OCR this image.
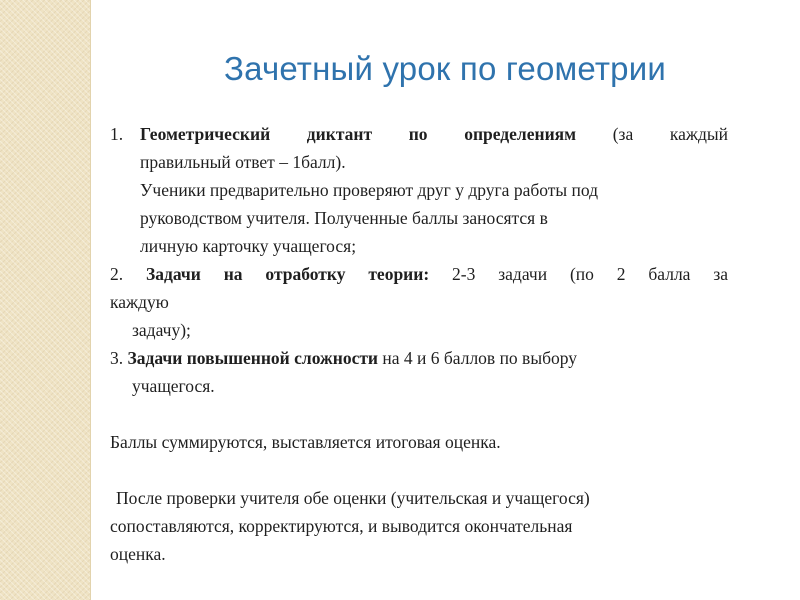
Зачетный урок по геометрии
1. Геометрический диктант по определениям (за каждый
правильный ответ – 1балл).
Ученики предварительно проверяют друг у друга работы под
руководством учителя. Полученные баллы заносятся в
личную карточку учащегося;
2. Задачи на отработку теории: 2-3 задачи (по 2 балла за
каждую
задачу);
3. Задачи повышенной сложности на 4 и 6 баллов по выбору
учащегося.
Баллы суммируются, выставляется итоговая оценка.
После проверки учителя обе оценки (учительская и учащегося)
сопоставляются, корректируются, и выводится окончательная
оценка.
